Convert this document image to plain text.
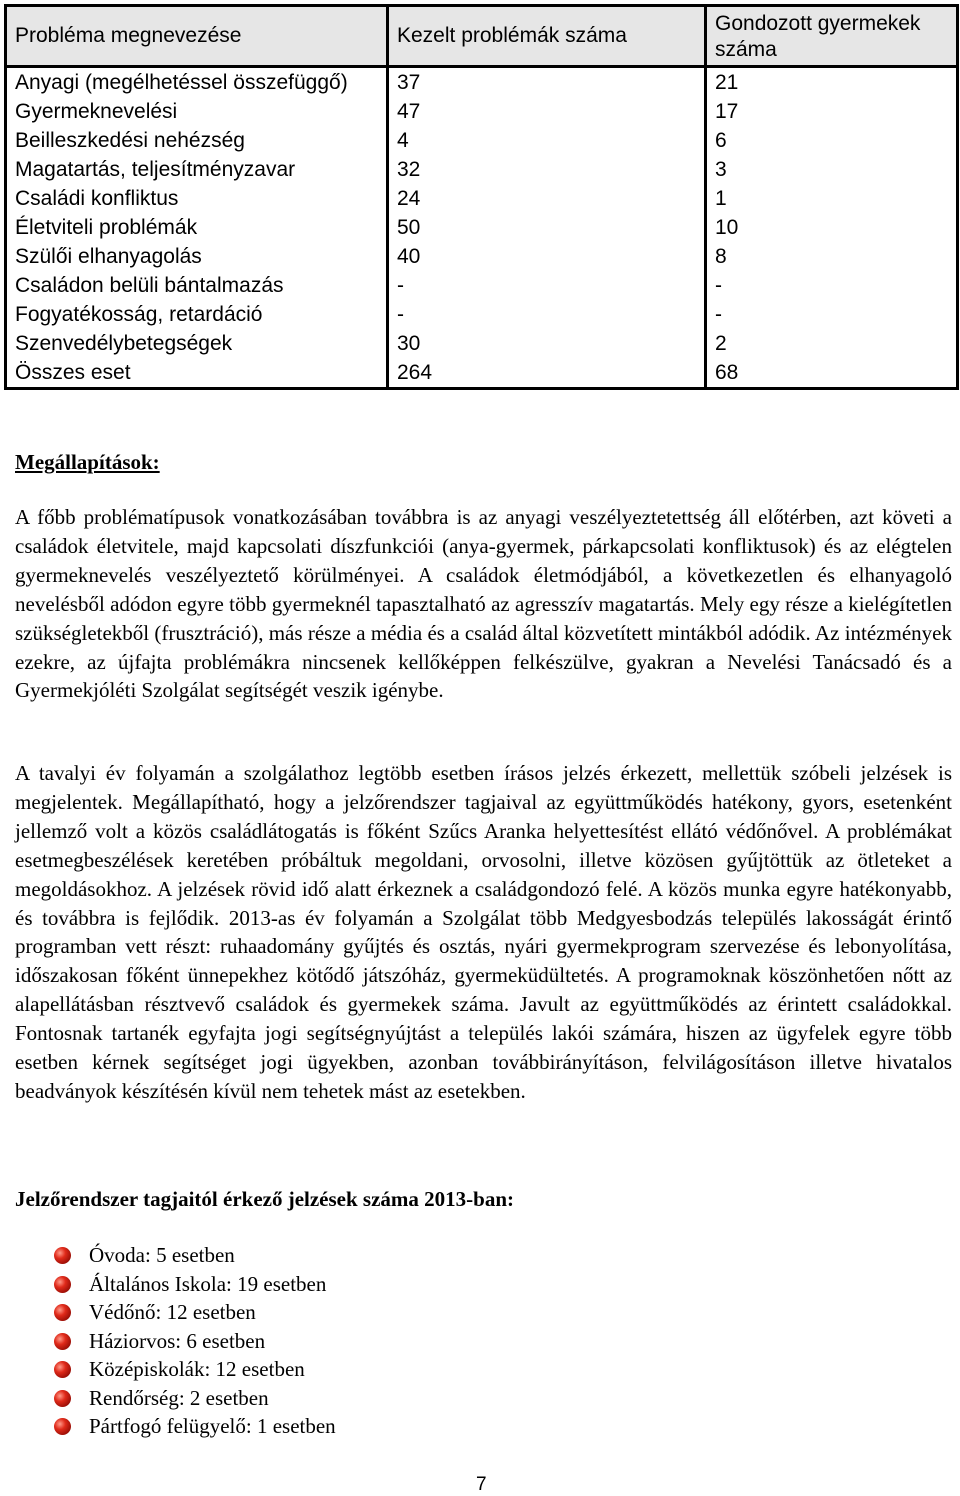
Probléma megnevezése	Kezelt problémák száma	Gondozott gyermekek száma
Anyagi (megélhetéssel összefüggő)	37	21
Gyermeknevelési	47	17
Beilleszkedési nehézség	4	6
Magatartás, teljesítményzavar	32	3
Családi konfliktus	24	1
Életviteli problémák	50	10
Szülői elhanyagolás	40	8
Családon belüli bántalmazás	-	-
Fogyatékosság, retardáció	-	-
Szenvedélybetegségek	30	2
Összes eset	264	68
Megállapítások:

A főbb problématípusok vonatkozásában továbbra is az anyagi veszélyeztetettség áll előtérben, azt követi a családok életvitele, majd kapcsolati díszfunkciói (anya-gyermek, párkapcsolati konfliktusok) és az elégtelen gyermeknevelés veszélyeztető körülményei. A családok életmódjából, a következetlen és elhanyagoló nevelésből adódon egyre több gyermeknél tapasztalható az agresszív magatartás. Mely egy része a kielégítetlen szükségletekből (frusztráció), más része a média és a család által közvetített mintákból adódik. Az intézmények ezekre, az újfajta problémákra nincsenek kellőképpen felkészülve, gyakran a Nevelési Tanácsadó és a Gyermekjóléti Szolgálat segítségét veszik igénybe.

A tavalyi év folyamán a szolgálathoz legtöbb esetben írásos jelzés érkezett, mellettük szóbeli jelzések is megjelentek. Megállapítható, hogy a jelzőrendszer tagjaival az együttműködés hatékony, gyors, esetenként jellemző volt a közös családlátogatás is főként Szűcs Aranka helyettesítést ellátó védőnővel. A problémákat esetmegbeszélések keretében próbáltuk megoldani, orvosolni, illetve közösen gyűjtöttük az ötleteket a megoldásokhoz. A jelzések rövid idő alatt érkeznek a családgondozó felé. A közös munka egyre hatékonyabb, és továbbra is fejlődik. 2013-as év folyamán a Szolgálat több Medgyesbodzás település lakosságát érintő programban vett részt: ruhaadomány gyűjtés és osztás, nyári gyermekprogram szervezése és lebonyolítása, időszakosan főként ünnepekhez kötődő játszóház, gyermeküdültetés. A programoknak köszönhetően nőtt az alapellátásban résztvevő családok és gyermekek száma. Javult az együttműködés az érintett családokkal. Fontosnak tartanék egyfajta jogi segítségnyújtást a település lakói számára, hiszen az ügyfelek egyre több esetben kérnek segítséget jogi ügyekben, azonban továbbirányításon, felvilágosításon illetve hivatalos beadványok készítésén kívül nem tehetek mást az esetekben.

Jelzőrendszer tagjaitól érkező jelzések száma 2013-ban:
Óvoda: 5 esetben
Általános Iskola: 19 esetben
Védőnő: 12 esetben
Háziorvos: 6 esetben
Középiskolák: 12 esetben
Rendőrség: 2 esetben
Pártfogó felügyelő: 1 esetben
7
